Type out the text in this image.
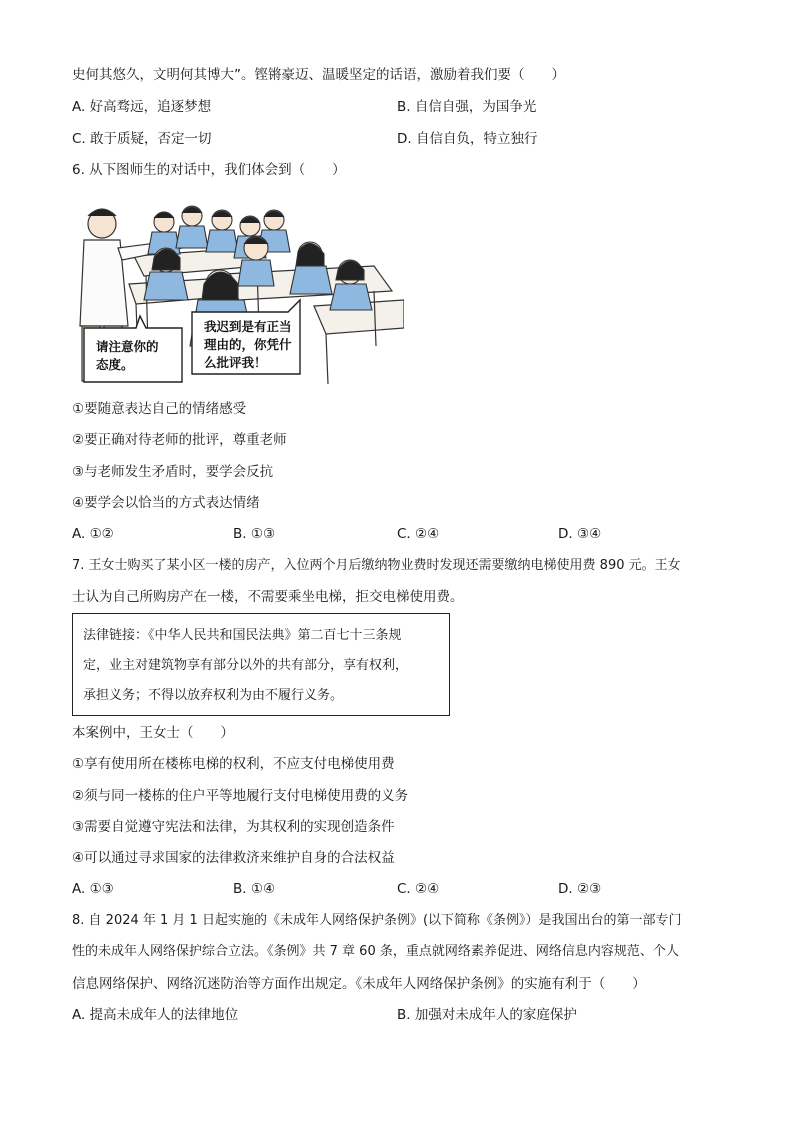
史何其悠久，文明何其博大”。铿锵豪迈、温暖坚定的话语，激励着我们要（　　）
A. 好高骛远，追逐梦想	B. 自信自强，为国争光
C. 敢于质疑，否定一切	D. 自信自负，特立独行
6. 从下图师生的对话中，我们体会到（　　）
请注意你的
态度。
我迟到是有正当
理由的，你凭什
么批评我！
①要随意表达自己的情绪感受
②要正确对待老师的批评，尊重老师
③与老师发生矛盾时，要学会反抗
④要学会以恰当的方式表达情绪
A. ①②	B. ①③	C. ②④	D. ③④
7. 王女士购买了某小区一楼的房产，入位两个月后缴纳物业费时发现还需要缴纳电梯使用费 890 元。王女
士认为自己所购房产在一楼，不需要乘坐电梯，拒交电梯使用费。
法律链接：《中华人民共和国民法典》第二百七十三条规
定，业主对建筑物享有部分以外的共有部分，享有权利，
承担义务；不得以放弃权利为由不履行义务。
本案例中，王女士（　　）
①享有使用所在楼栋电梯的权利，不应支付电梯使用费
②须与同一楼栋的住户平等地履行支付电梯使用费的义务
③需要自觉遵守宪法和法律，为其权利的实现创造条件
④可以通过寻求国家的法律救济来维护自身的合法权益
A. ①③	B. ①④	C. ②④	D. ②③
8. 自 2024 年 1 月 1 日起实施的《未成年人网络保护条例》(以下简称《条例》）是我国出台的第一部专门
性的未成年人网络保护综合立法。《条例》共 7 章 60 条，重点就网络素养促进、网络信息内容规范、个人
信息网络保护、网络沉迷防治等方面作出规定。《未成年人网络保护条例》的实施有利于（　　）
A. 提高未成年人的法律地位	B. 加强对未成年人的家庭保护
